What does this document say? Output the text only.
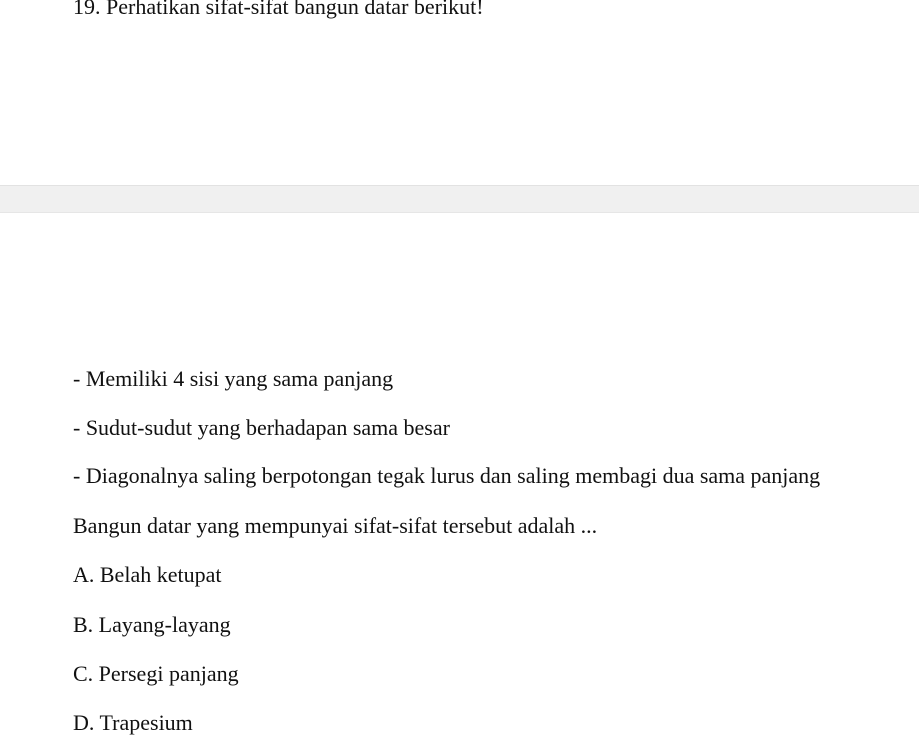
19. Perhatikan sifat-sifat bangun datar berikut!

- Memiliki 4 sisi yang sama panjang

- Sudut-sudut yang berhadapan sama besar

- Diagonalnya saling berpotongan tegak lurus dan saling membagi dua sama panjang

Bangun datar yang mempunyai sifat-sifat tersebut adalah ...

A. Belah ketupat

B. Layang-layang

C. Persegi panjang

D. Trapesium
